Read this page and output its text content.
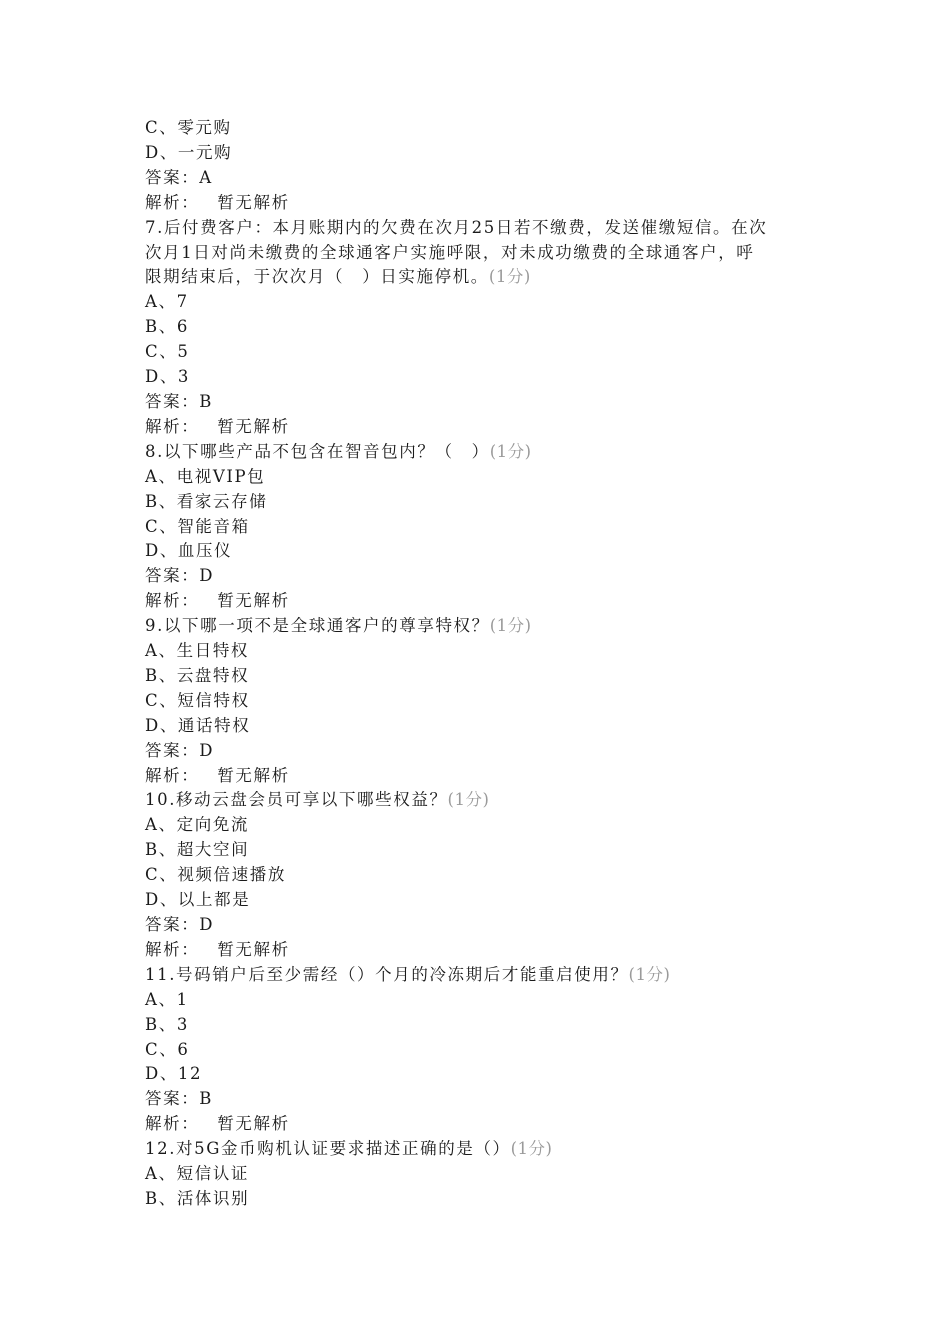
C、零元购
D、一元购
答案：A
解析： 暂无解析
7.后付费客户：本月账期内的欠费在次月25日若不缴费，发送催缴短信。在次
次月1日对尚未缴费的全球通客户实施呼限，对未成功缴费的全球通客户，呼
限期结束后，于次次月（　）日实施停机。(1分)
A、7
B、6
C、5
D、3
答案：B
解析： 暂无解析
8.以下哪些产品不包含在智音包内？（　）(1分)
A、电视VIP包
B、看家云存储
C、智能音箱
D、血压仪
答案：D
解析： 暂无解析
9.以下哪一项不是全球通客户的尊享特权？(1分)
A、生日特权
B、云盘特权
C、短信特权
D、通话特权
答案：D
解析： 暂无解析
10.移动云盘会员可享以下哪些权益？(1分)
A、定向免流
B、超大空间
C、视频倍速播放
D、以上都是
答案：D
解析： 暂无解析
11.号码销户后至少需经（）个月的冷冻期后才能重启使用？(1分)
A、1
B、3
C、6
D、12
答案：B
解析： 暂无解析
12.对5G金币购机认证要求描述正确的是（）(1分)
A、短信认证
B、活体识别
